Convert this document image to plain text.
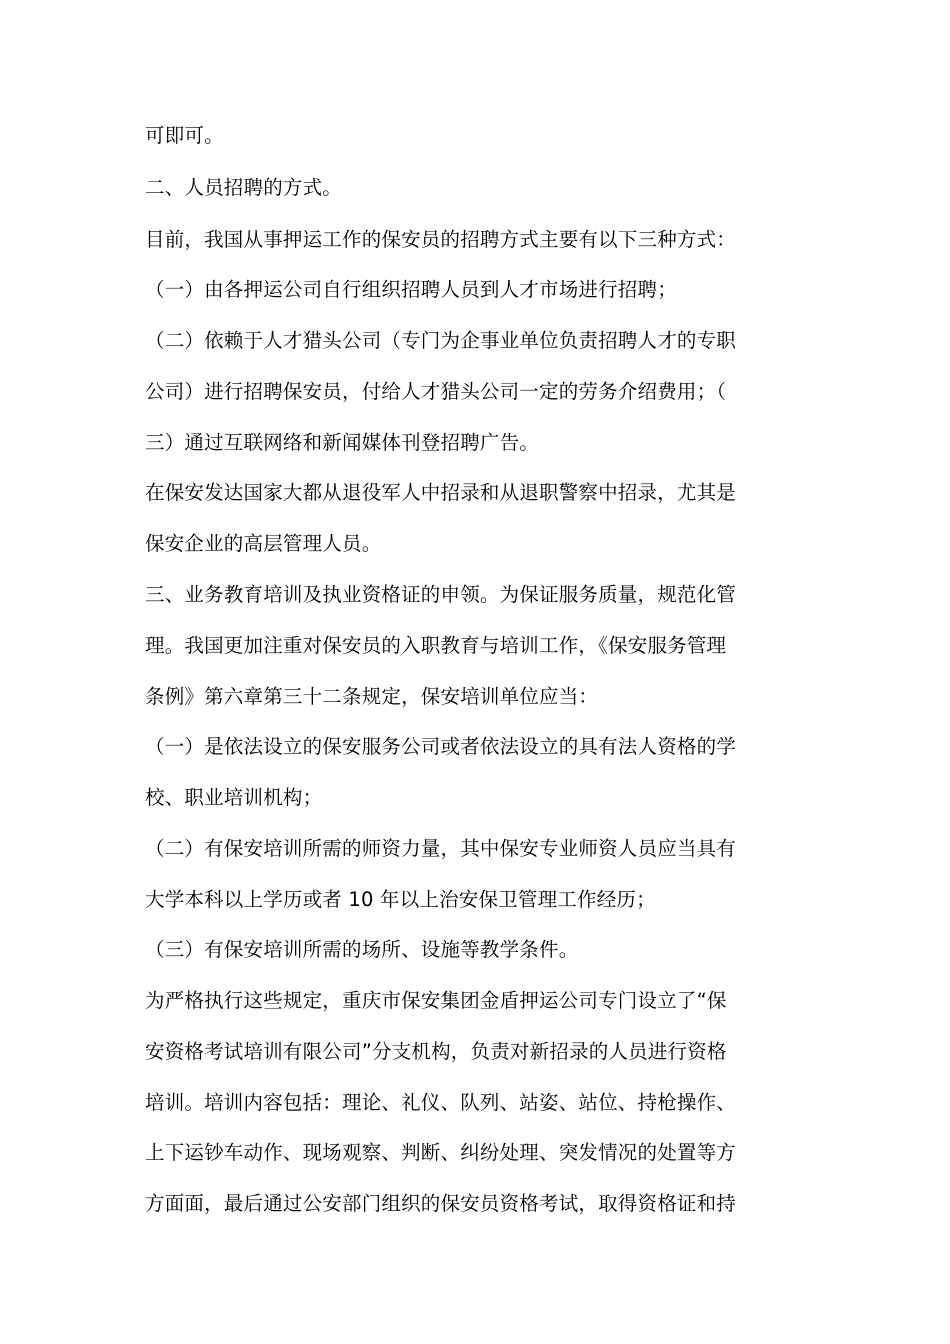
可即可。
二、人员招聘的方式。
目前，我国从事押运工作的保安员的招聘方式主要有以下三种方式：
（一）由各押运公司自行组织招聘人员到人才市场进行招聘；
（二）依赖于人才猎头公司（专门为企事业单位负责招聘人才的专职
公司）进行招聘保安员，付给人才猎头公司一定的劳务介绍费用；（
三）通过互联网络和新闻媒体刊登招聘广告。
在保安发达国家大都从退役军人中招录和从退职警察中招录，尤其是
保安企业的高层管理人员。
三、业务教育培训及执业资格证的申领。为保证服务质量，规范化管
理。我国更加注重对保安员的入职教育与培训工作，《保安服务管理
条例》第六章第三十二条规定，保安培训单位应当：
（一）是依法设立的保安服务公司或者依法设立的具有法人资格的学
校、职业培训机构；
（二）有保安培训所需的师资力量，其中保安专业师资人员应当具有
大学本科以上学历或者 10 年以上治安保卫管理工作经历；
（三）有保安培训所需的场所、设施等教学条件。
为严格执行这些规定，重庆市保安集团金盾押运公司专门设立了“保
安资格考试培训有限公司”分支机构，负责对新招录的人员进行资格
培训。培训内容包括：理论、礼仪、队列、站姿、站位、持枪操作、
上下运钞车动作、现场观察、判断、纠纷处理、突发情况的处置等方
方面面，最后通过公安部门组织的保安员资格考试，取得资格证和持
